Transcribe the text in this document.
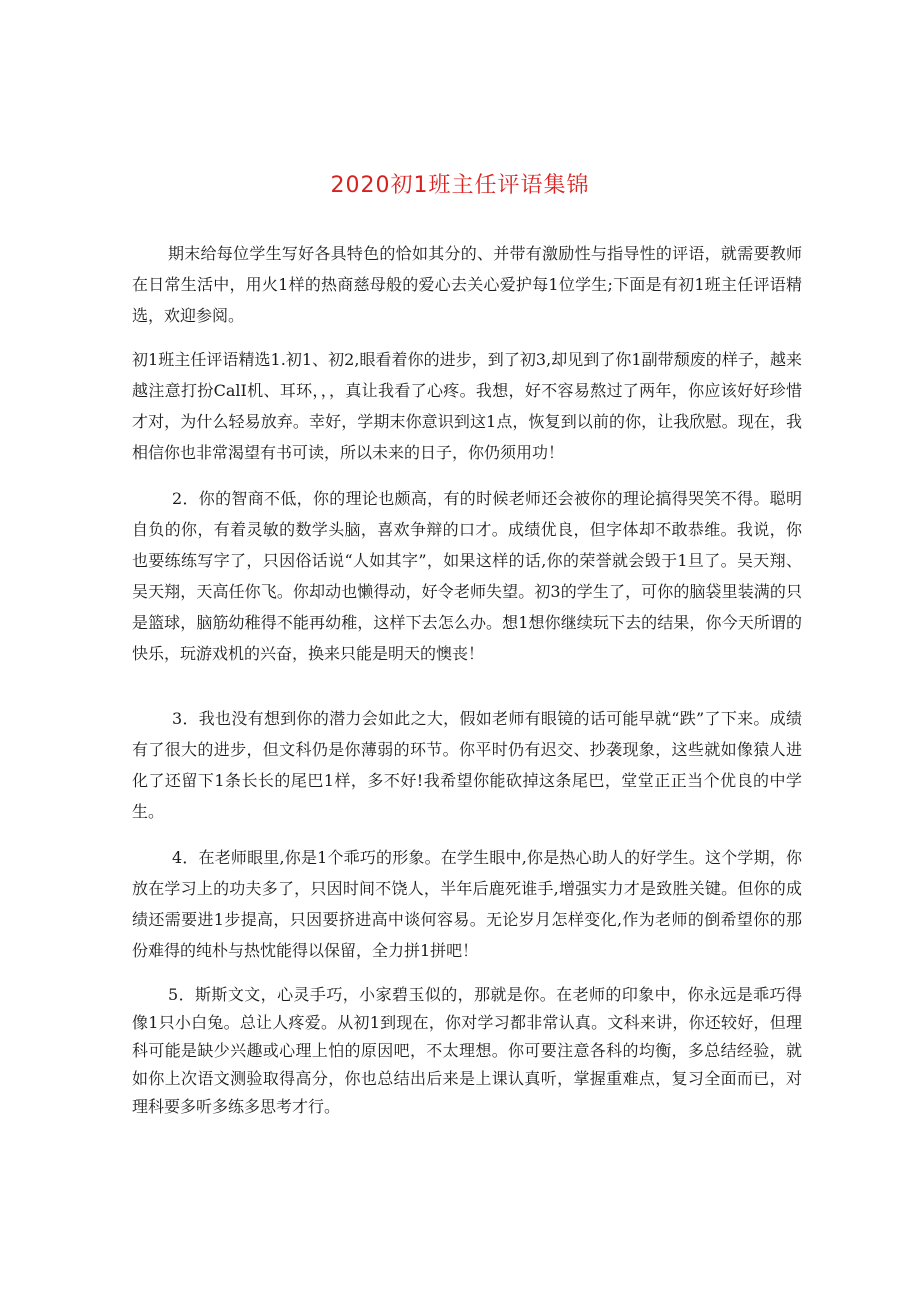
2020初1班主任评语集锦

期末给每位学生写好各具特色的恰如其分的、并带有激励性与指导性的评语，就需要教师在日常生活中，用火1样的热商慈母般的爱心去关心爱护每1位学生;下面是有初1班主任评语精选，欢迎参阅。

初1班主任评语精选1.初1、初2,眼看着你的进步，到了初3,却见到了你1副带颓废的样子，越来越注意打扮CalI机、耳环，，，真让我看了心疼。我想，好不容易熬过了两年，你应该好好珍惜才对，为什么轻易放弃。幸好，学期末你意识到这1点，恢复到以前的你，让我欣慰。现在，我相信你也非常渴望有书可读，所以未来的日子，你仍须用功！

2．你的智商不低，你的理论也颇高，有的时候老师还会被你的理论搞得哭笑不得。聪明自负的你，有着灵敏的数学头脑，喜欢争辩的口才。成绩优良，但字体却不敢恭维。我说，你也要练练写字了，只因俗话说“人如其字”，如果这样的话,你的荣誉就会毁于1旦了。吴天翔、吴天翔，天高任你飞。你却动也懒得动，好令老师失望。初3的学生了，可你的脑袋里装满的只是篮球，脑筋幼稚得不能再幼稚，这样下去怎么办。想1想你继续玩下去的结果，你今天所谓的快乐，玩游戏机的兴奋，换来只能是明天的懊丧！

3．我也没有想到你的潜力会如此之大，假如老师有眼镜的话可能早就“跌”了下来。成绩有了很大的进步，但文科仍是你薄弱的环节。你平时仍有迟交、抄袭现象，这些就如像猿人进化了还留下1条长长的尾巴1样，多不好!我希望你能砍掉这条尾巴，堂堂正正当个优良的中学生。

4．在老师眼里,你是1个乖巧的形象。在学生眼中,你是热心助人的好学生。这个学期，你放在学习上的功夫多了，只因时间不饶人，半年后鹿死谁手,增强实力才是致胜关键。但你的成绩还需要进1步提高，只因要挤进高中谈何容易。无论岁月怎样变化,作为老师的倒希望你的那份难得的纯朴与热忱能得以保留，全力拼1拼吧！

5．斯斯文文，心灵手巧，小家碧玉似的，那就是你。在老师的印象中，你永远是乖巧得像1只小白兔。总让人疼爱。从初1到现在，你对学习都非常认真。文科来讲，你还较好，但理科可能是缺少兴趣或心理上怕的原因吧，不太理想。你可要注意各科的均衡，多总结经验，就如你上次语文测验取得高分，你也总结出后来是上课认真听，掌握重难点，复习全面而已，对理科要多听多练多思考才行。
